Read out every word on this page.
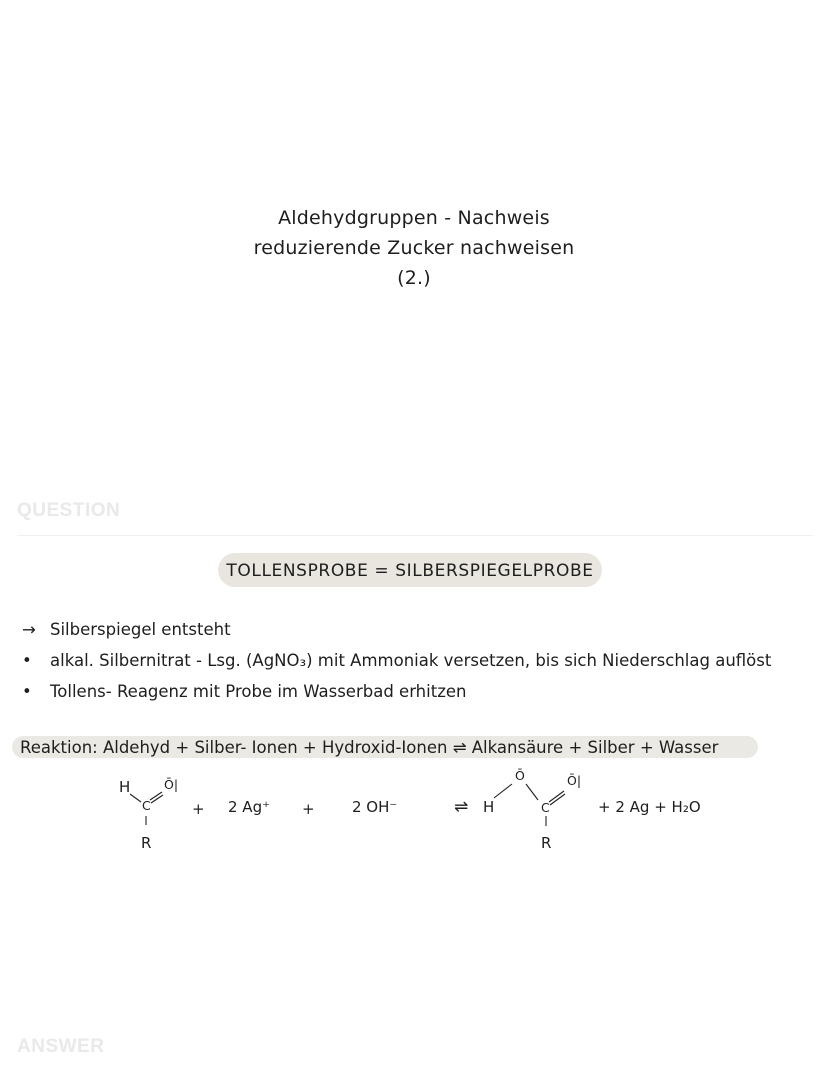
Aldehydgruppen - Nachweis
reduzierende Zucker nachweisen
(2.)
QUESTION
TOLLENSPROBE = SILBERSPIEGELPROBE
→ Silberspiegel entsteht
• alkal. Silbernitrat - Lsg. (AgNO₃) mit Ammoniak versetzen, bis sich Niederschlag auflöst
• Tollens- Reagenz mit Probe im Wasserbad erhitzen
Reaktion: Aldehyd + Silber- Ionen + Hydroxid-Ionen ⇌ Alkansäure + Silber + Wasser
H	Ō|
C
R
+ 2 Ag⁺ + 2 OH⁻	⇌ H
Ō	Ō|
C
R
+ 2 Ag + H₂O
ANSWER
